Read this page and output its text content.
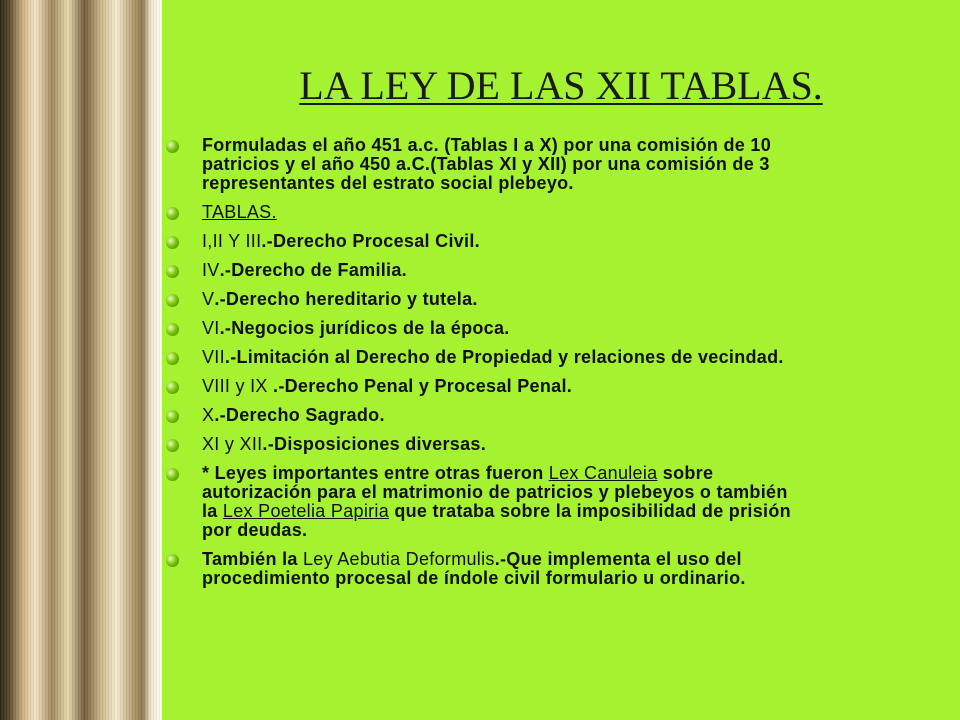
LA LEY DE LAS XII TABLAS.
Formuladas el año 451 a.c. (Tablas I a X) por una comisión de 10 patricios y el año 450 a.C.(Tablas XI y XII) por una comisión de 3 representantes del estrato social plebeyo.
TABLAS.
I,II Y III.-Derecho Procesal Civil.
IV.-Derecho de Familia.
V.-Derecho hereditario y tutela.
VI.-Negocios jurídicos de la época.
VII.-Limitación al Derecho de Propiedad y relaciones de vecindad.
VIII y IX .-Derecho Penal y Procesal Penal.
X.-Derecho Sagrado.
XI y XII.-Disposiciones diversas.
* Leyes importantes entre otras fueron Lex Canuleia sobre autorización para el matrimonio de patricios y plebeyos o también la Lex Poetelia Papiria que trataba sobre la imposibilidad de prisión por deudas.
También la Ley Aebutia Deformulis.-Que implementa el uso del procedimiento procesal de índole civil formulario u ordinario.
